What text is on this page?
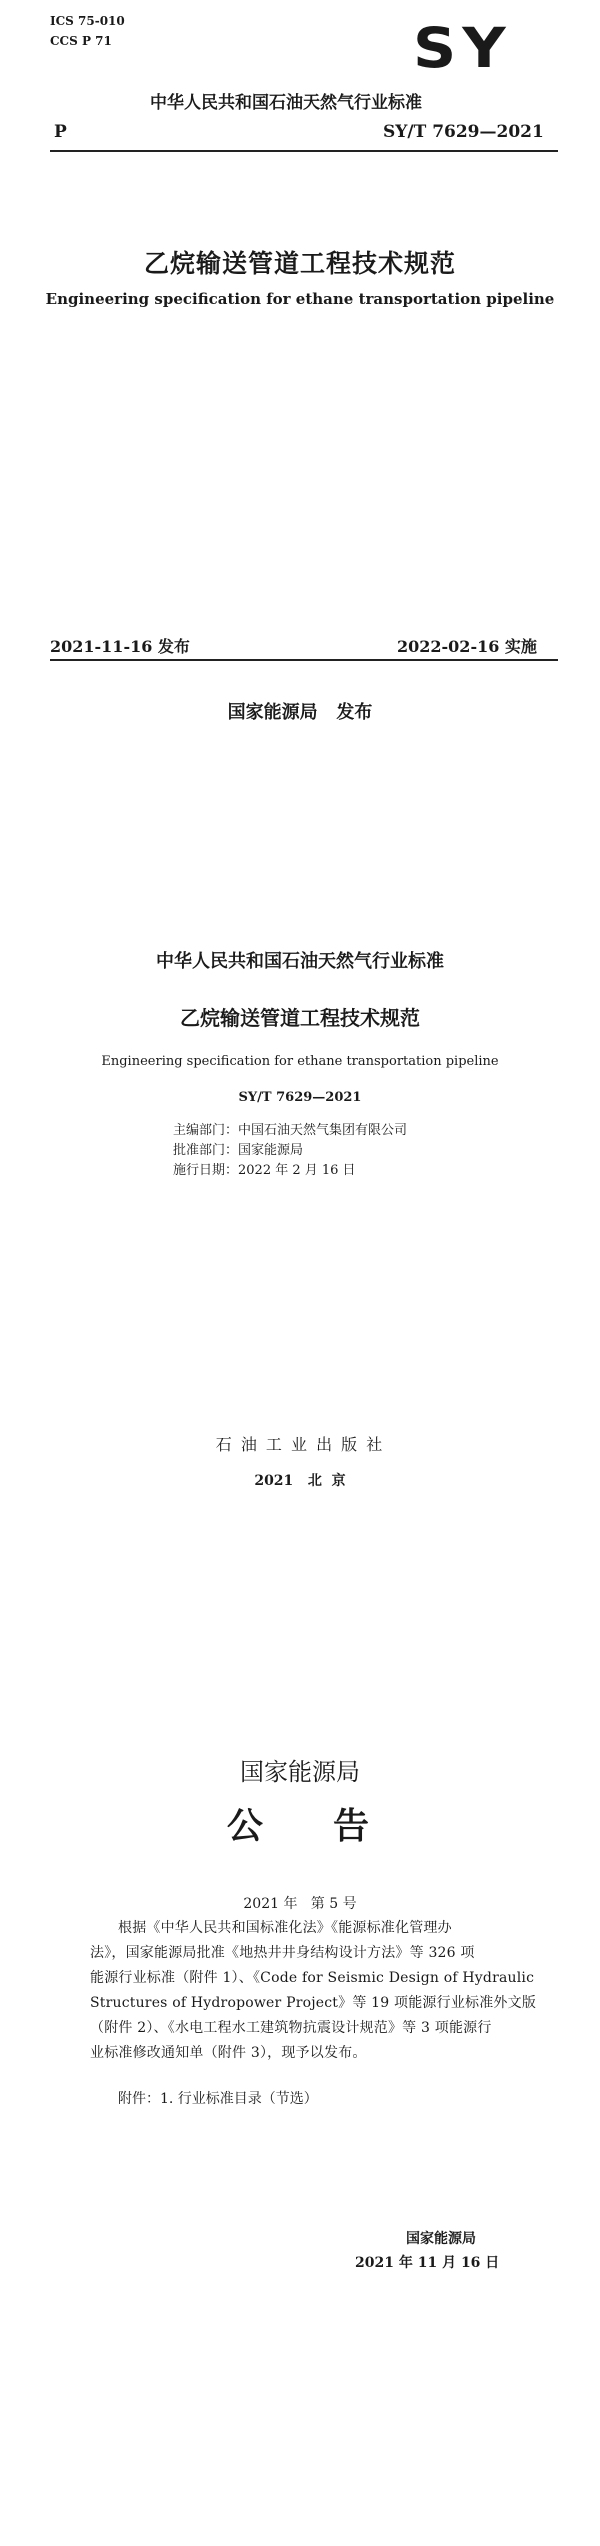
ICS 75-010
CCS P 71	SY
中华人民共和国石油天然气行业标准
P	SY/T 7629—2021
乙烷输送管道工程技术规范
Engineering specification for ethane transportation pipeline
2021-11-16 发布	2022-02-16 实施
国家能源局   发布
中华人民共和国石油天然气行业标准
乙烷输送管道工程技术规范
Engineering specification for ethane transportation pipeline
SY/T 7629—2021
主编部门：中国石油天然气集团有限公司
批准部门：国家能源局
施行日期：2022 年 2 月 16 日
石 油 工 业 出 版 社
2021   北  京
国家能源局
公    告
2021 年   第 5 号
根据《中华人民共和国标准化法》《能源标准化管理办
法》，国家能源局批准《地热井井身结构设计方法》等 326 项
能源行业标准（附件 1）、《Code for Seismic Design of Hydraulic
Structures of Hydropower Project》等 19 项能源行业标准外文版
（附件 2）、《水电工程水工建筑物抗震设计规范》等 3 项能源行
业标准修改通知单（附件 3），现予以发布。
附件：1. 行业标准目录（节选）
国家能源局
2021 年 11 月 16 日
